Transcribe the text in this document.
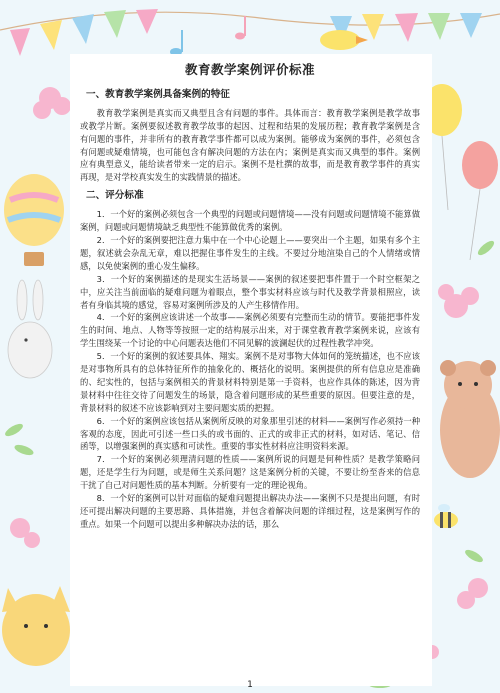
教育教学案例评价标准
一、教育教学案例具备案例的特征

教育教学案例是真实而又典型且含有问题的事件。具体而言：教育教学案例是教学故事或教学片断。案例要叙述教育教学故事的起因、过程和结果的发展历程；教育教学案例是含有问题的事件，并非所有的教育教学事件都可以成为案例。能够成为案例的事件，必须包含有问题或疑难情境，也可能包含有解决问题的方法在内；案例是真实而又典型的事件。案例应有典型意义，能给读者带来一定的启示。案例不是杜撰的故事，而是教育教学事件的真实再现，是对学校真实发生的实践情景的描述。

二、评分标准

1．一个好的案例必须包含一个典型的问题或问题情境——没有问题或问题情境不能算做案例，问题或问题情境缺乏典型性不能算做优秀的案例。

2．一个好的案例要把注意力集中在一个中心论题上——要突出一个主题，如果有多个主题，叙述就会杂乱无章，难以把握住事件发生的主线。不要过分地渲染自己的个人情绪或情感，以免使案例的重心发生偏移。

3．一个好的案例描述的是现实生活场景——案例的叙述要把事件置于一个时空框架之中，应关注当前面临的疑难问题为着眼点，整个事实材料应该与时代及教学背景相照应，读者有身临其境的感觉，容易对案例所涉及的人产生移情作用。

4．一个好的案例应该讲述一个故事——案例必须要有完整而生动的情节。要能把事件发生的时间、地点、人物等等按照一定的结构展示出来，对于课堂教育教学案例来说，应该有学生围绕某一个讨论的中心问题表达他们不同见解的波澜起伏的过程性教学冲突。

5．一个好的案例的叙述要具体、翔实。案例不是对事物大体如何的笼统描述，也不应该是对事物所具有的总体特征所作的抽象化的、概括化的说明。案例提供的所有信息应是准确的、纪实性的，包括与案例相关的背景材料特别是第一手资料，也应作具体的陈述，因为背景材料中往往交待了问题发生的场景，隐含着问题形成的某些重要的原因。但要注意的是，背景材料的叙述不应该影响到对主要问题实质的把握。

6．一个好的案例应该包括从案例所反映的对象那里引述的材料——案例写作必须持一种客观的态度，因此可引述一些口头的或书面的、正式的或非正式的材料，如对话、笔记、信函等，以增强案例的真实感和可读性。重要的事实性材料应注明资料来源。

7．一个好的案例必须理清问题的性质——案例所说的问题是何种性质？是教学策略问题，还是学生行为问题，或是师生关系问题？这是案例分析的关键，不要让纷至沓来的信息干扰了自己对问题性质的基本判断。分析要有一定的理论视角。

8．一个好的案例可以针对面临的疑难问题提出解决办法——案例不只是提出问题，有时还可提出解决问题的主要思路、具体措施，并包含着解决问题的详细过程，这是案例写作的重点。如果一个问题可以提出多种解决办法的话，那么

1
